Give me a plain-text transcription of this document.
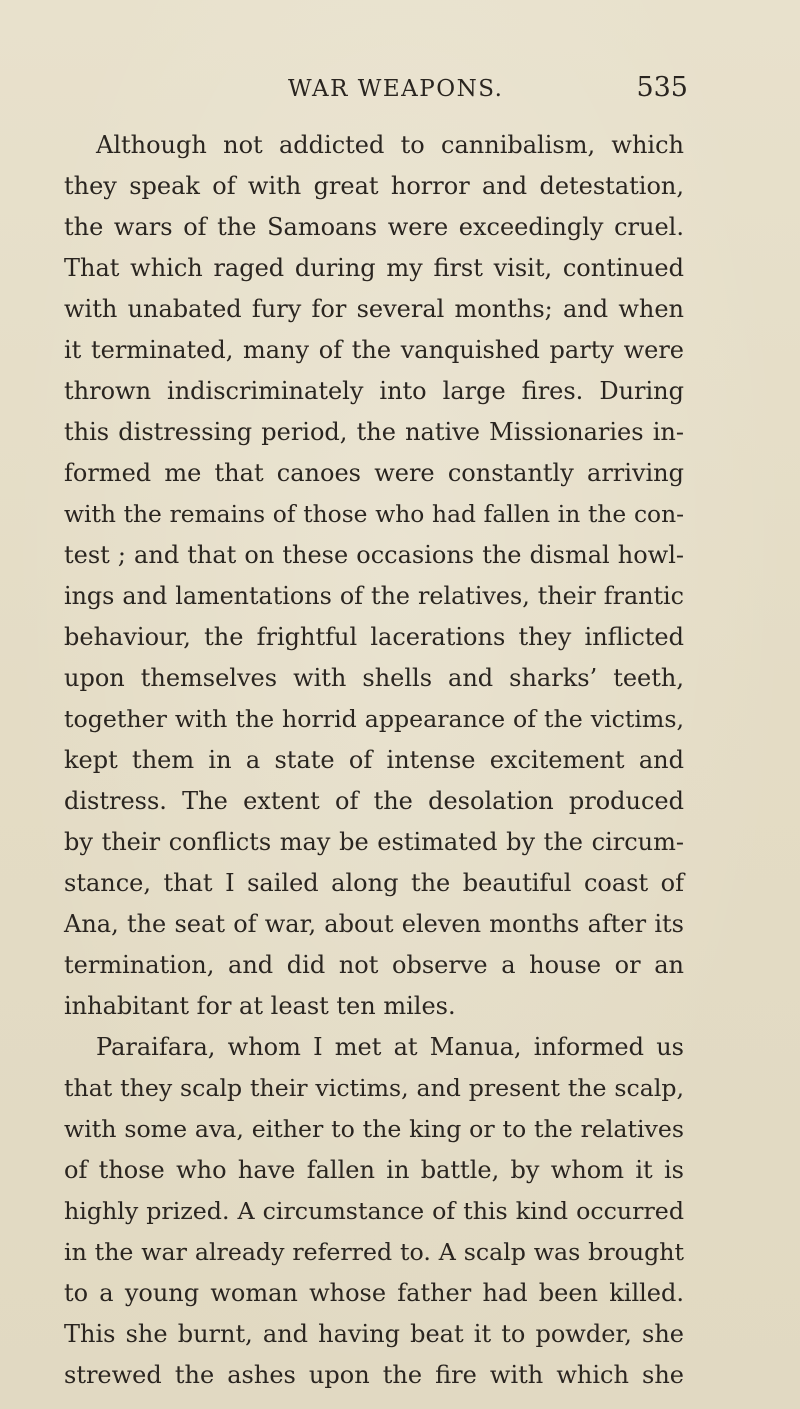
WAR WEAPONS.	535
Although not addicted to cannibalism, which
they speak of with great horror and detestation,
the wars of the Samoans were exceedingly cruel.
That which raged during my first visit, continued
with unabated fury for several months; and when
it terminated, many of the vanquished party were
thrown indiscriminately into large fires. During
this distressing period, the native Missionaries in-
formed me that canoes were constantly arriving
with the remains of those who had fallen in the con-
test ; and that on these occasions the dismal howl-
ings and lamentations of the relatives, their frantic
behaviour, the frightful lacerations they inflicted
upon themselves with shells and sharks’ teeth,
together with the horrid appearance of the victims,
kept them in a state of intense excitement and
distress. The extent of the desolation produced
by their conflicts may be estimated by the circum-
stance, that I sailed along the beautiful coast of
Ana, the seat of war, about eleven months after its
termination, and did not observe a house or an
inhabitant for at least ten miles.
Paraifara, whom I met at Manua, informed us
that they scalp their victims, and present the scalp,
with some ava, either to the king or to the relatives
of those who have fallen in battle, by whom it is
highly prized. A circumstance of this kind occurred
in the war already referred to. A scalp was brought
to a young woman whose father had been killed.
This she burnt, and having beat it to powder, she
strewed the ashes upon the fire with which she
